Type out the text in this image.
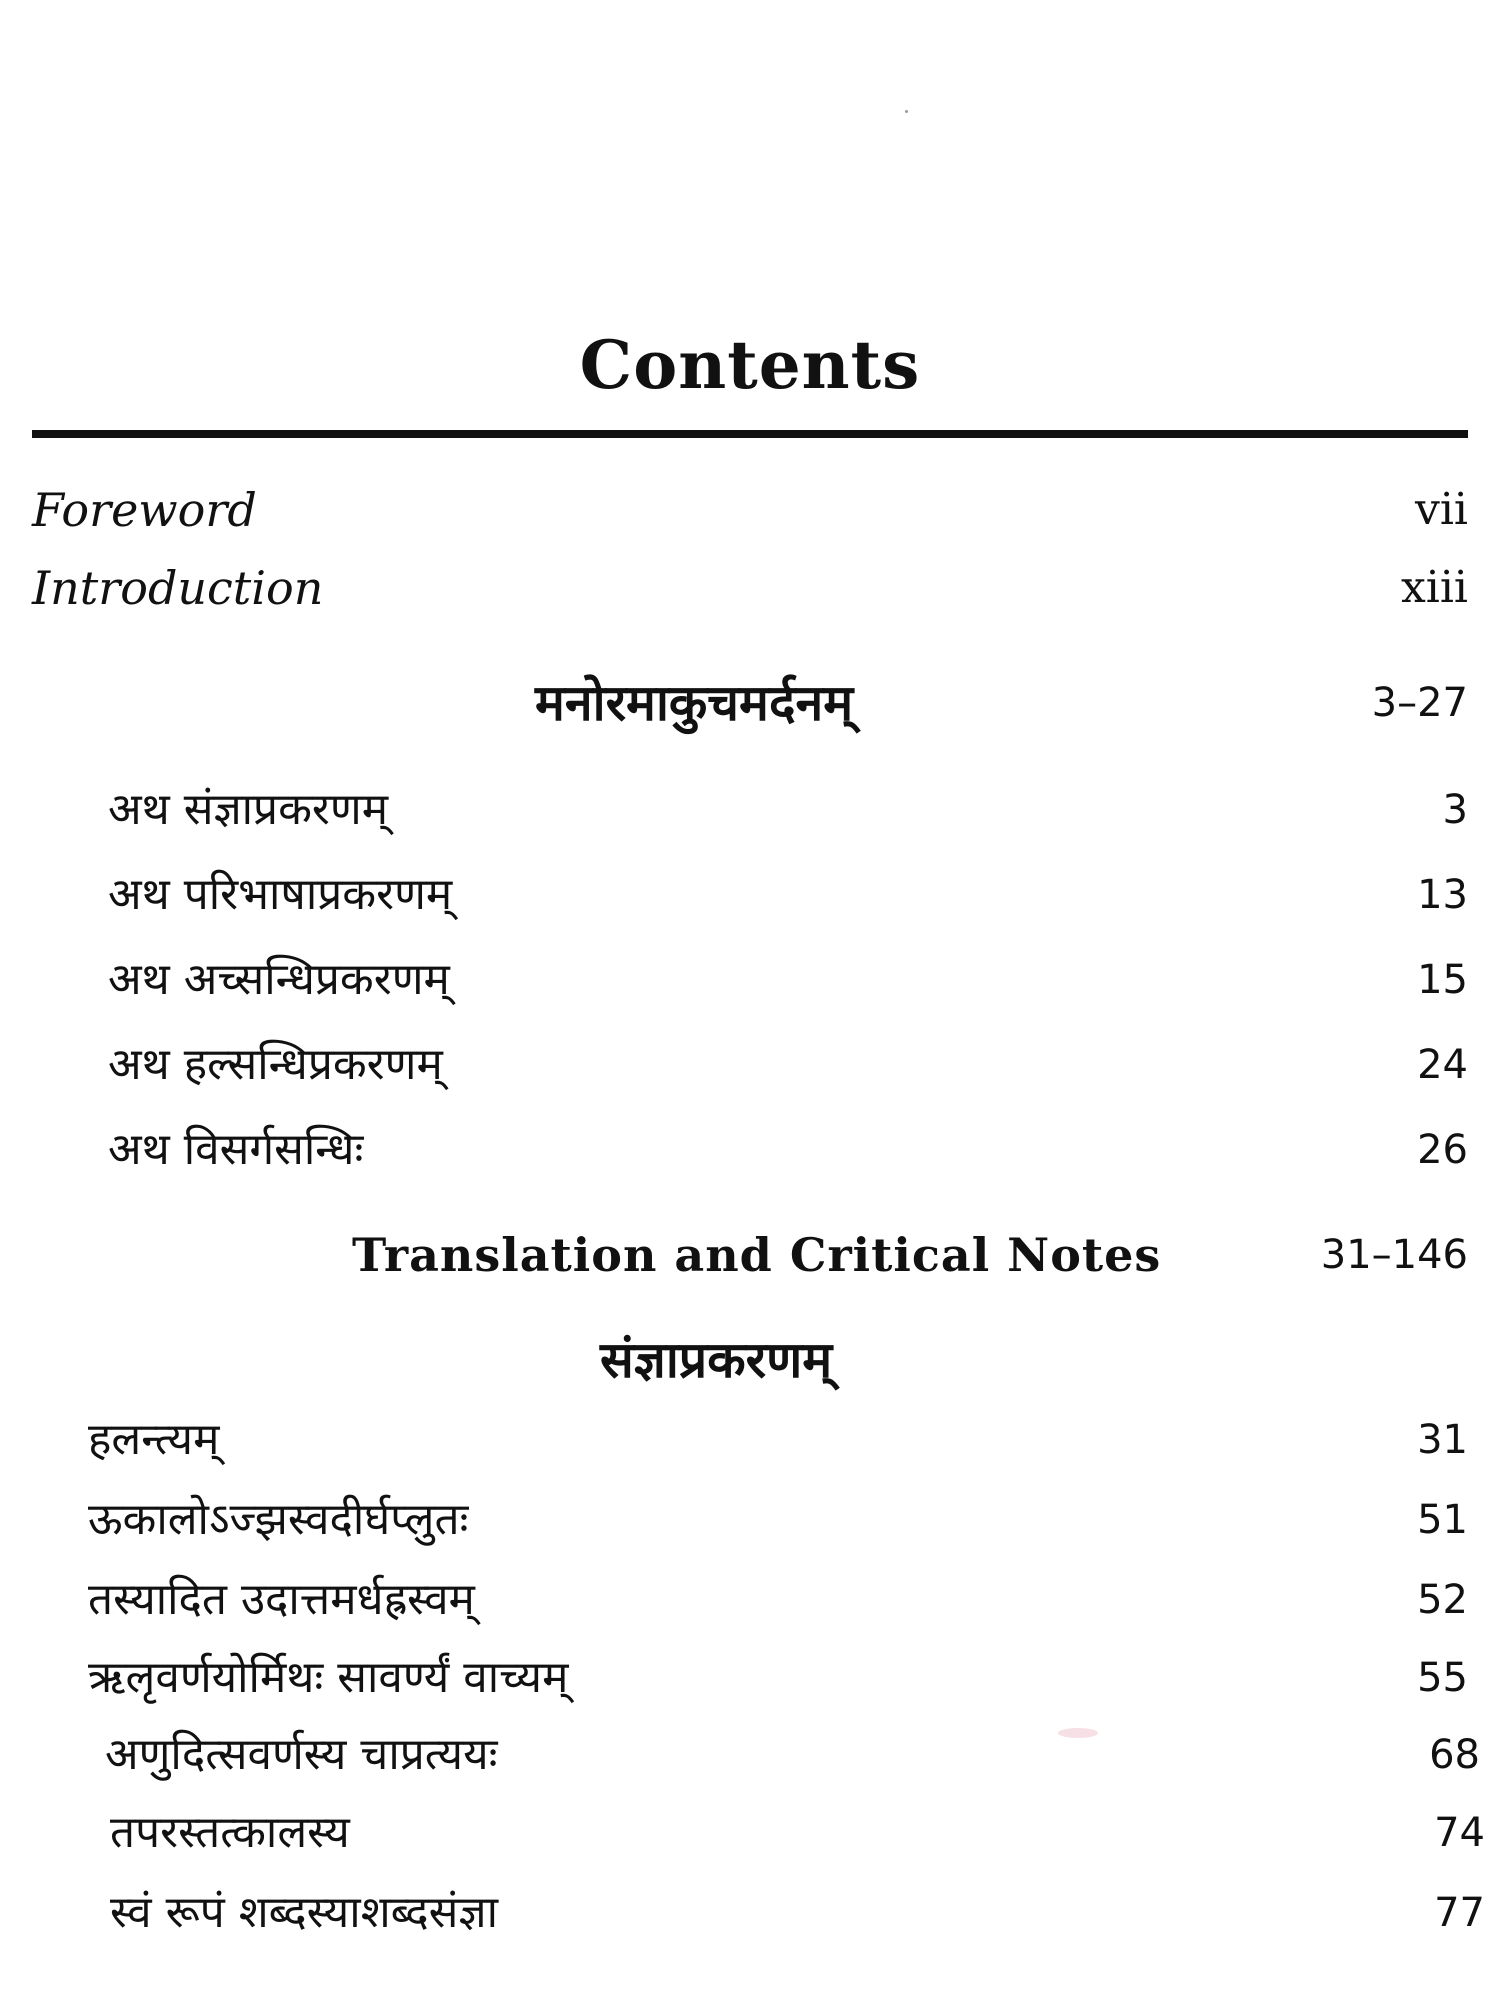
Contents
Foreword	vii
Introduction	xiii
मनोरमाकुचमर्दनम्	3–27
अथ संज्ञाप्रकरणम्	3
अथ परिभाषाप्रकरणम्	13
अथ अच्सन्धिप्रकरणम्	15
अथ हल्सन्धिप्रकरणम्	24
अथ विसर्गसन्धिः	26
Translation and Critical Notes	31–146
संज्ञाप्रकरणम्
हलन्त्यम्	31
ऊकालोऽज्झस्वदीर्घप्लुतः	51
तस्यादित उदात्तमर्धह्रस्वम्	52
ऋलृवर्णयोर्मिथः सावर्ण्यं वाच्यम्	55
अणुदित्सवर्णस्य चाप्रत्ययः	68
तपरस्तत्कालस्य	74
स्वं रूपं शब्दस्याशब्दसंज्ञा	77
